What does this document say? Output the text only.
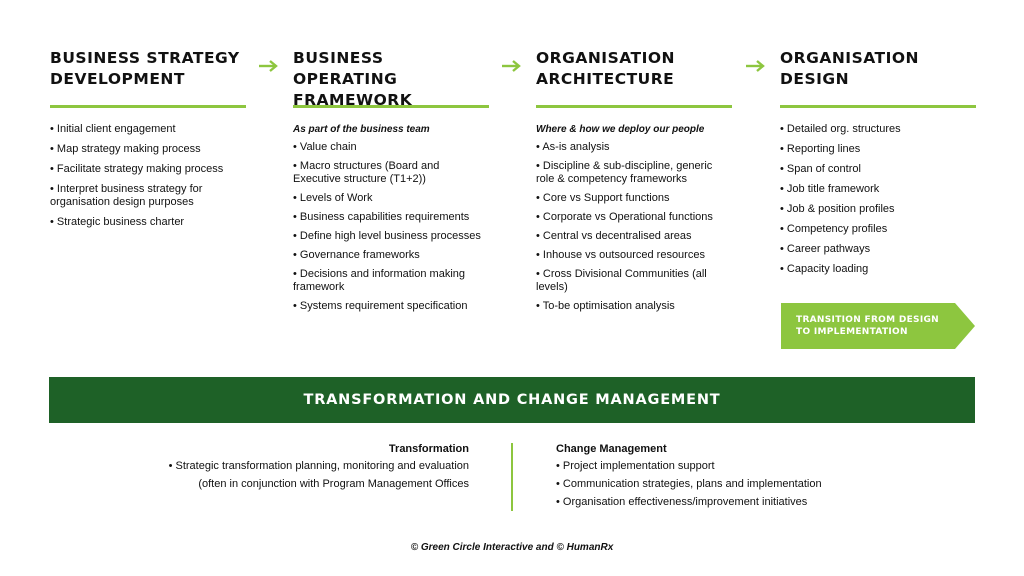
BUSINESS STRATEGY
DEVELOPMENT
• Initial client engagement
• Map strategy making process
• Facilitate strategy making process
• Interpret business strategy for organisation design purposes
• Strategic business charter
BUSINESS OPERATING
FRAMEWORK
As part of the business team
• Value chain
• Macro structures (Board and Executive structure (T1+2))
• Levels of Work
• Business capabilities requirements
• Define high level business processes
• Governance frameworks
• Decisions and information making framework
• Systems requirement specification
ORGANISATION
ARCHITECTURE
Where & how we deploy our people
• As-is analysis
• Discipline & sub-discipline, generic role & competency frameworks
• Core vs Support functions
• Corporate vs Operational functions
• Central vs decentralised areas
• Inhouse vs outsourced resources
• Cross Divisional Communities (all levels)
• To-be optimisation analysis
ORGANISATION
DESIGN
• Detailed org. structures
• Reporting lines
• Span of control
• Job title framework
• Job & position profiles
• Competency profiles
• Career pathways
• Capacity loading
TRANSITION FROM DESIGN
TO IMPLEMENTATION
TRANSFORMATION AND CHANGE MANAGEMENT
Transformation
• Strategic transformation planning, monitoring and evaluation
(often in conjunction with Program Management Offices
Change Management
• Project implementation support
• Communication strategies, plans and implementation
• Organisation effectiveness/improvement initiatives
© Green Circle Interactive and © HumanRx
